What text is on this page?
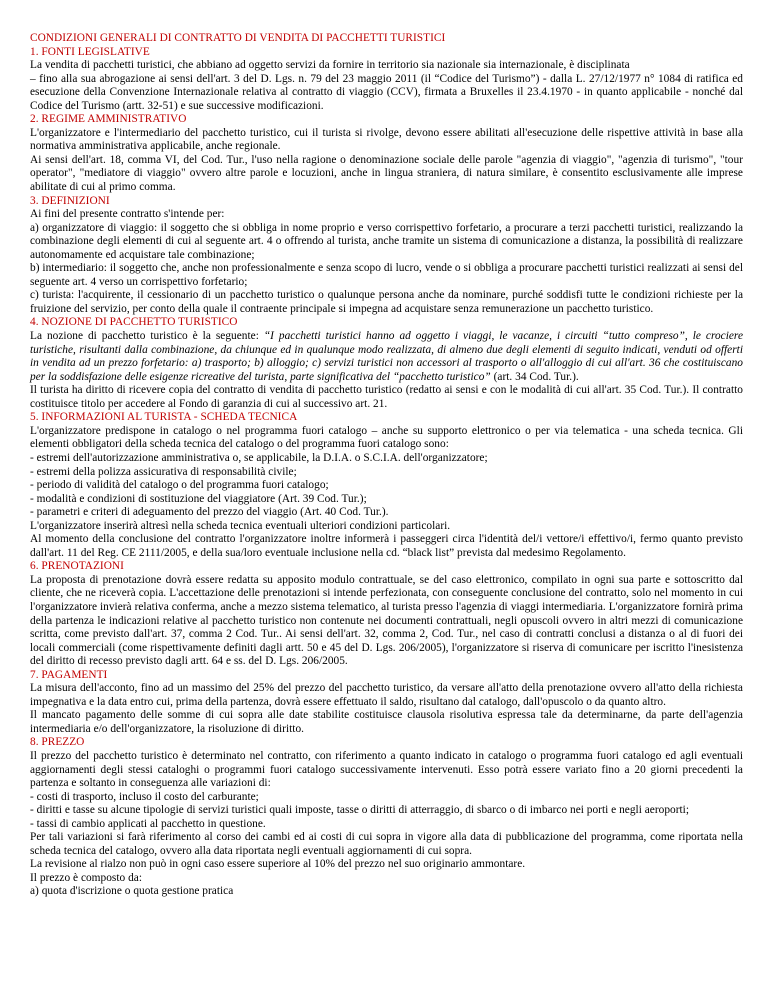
CONDIZIONI GENERALI DI CONTRATTO DI VENDITA DI PACCHETTI TURISTICI
1. FONTI LEGISLATIVE

La vendita di pacchetti turistici, che abbiano ad oggetto servizi da fornire in territorio sia nazionale sia internazionale, è disciplinata

– fino alla sua abrogazione ai sensi dell'art. 3 del D. Lgs. n. 79 del 23 maggio 2011 (il “Codice del Turismo”) - dalla L. 27/12/1977 n° 1084 di ratifica ed esecuzione della Convenzione Internazionale relativa al contratto di viaggio (CCV), firmata a Bruxelles il 23.4.1970 - in quanto applicabile - nonché dal Codice del Turismo (artt. 32-51) e sue successive modificazioni.

2. REGIME AMMINISTRATIVO

L'organizzatore e l'intermediario del pacchetto turistico, cui il turista si rivolge, devono essere abilitati all'esecuzione delle rispettive attività in base alla normativa amministrativa applicabile, anche regionale.

Ai sensi dell'art. 18, comma VI, del Cod. Tur., l'uso nella ragione o denominazione sociale delle parole "agenzia di viaggio", "agenzia di turismo", "tour operator", "mediatore di viaggio" ovvero altre parole e locuzioni, anche in lingua straniera, di natura similare, è consentito esclusivamente alle imprese abilitate di cui al primo comma.

3. DEFINIZIONI

Ai fini del presente contratto s'intende per:

a) organizzatore di viaggio: il soggetto che si obbliga in nome proprio e verso corrispettivo forfetario, a procurare a terzi pacchetti turistici, realizzando la combinazione degli elementi di cui al seguente art. 4 o offrendo al turista, anche tramite un sistema di comunicazione a distanza, la possibilità di realizzare autonomamente ed acquistare tale combinazione;

b) intermediario: il soggetto che, anche non professionalmente e senza scopo di lucro, vende o si obbliga a procurare pacchetti turistici realizzati ai sensi del seguente art. 4 verso un corrispettivo forfetario;

c) turista: l'acquirente, il cessionario di un pacchetto turistico o qualunque persona anche da nominare, purché soddisfi tutte le condizioni richieste per la fruizione del servizio, per conto della quale il contraente principale si impegna ad acquistare senza remunerazione un pacchetto turistico.

4. NOZIONE DI PACCHETTO TURISTICO

La nozione di pacchetto turistico è la seguente: “I pacchetti turistici hanno ad oggetto i viaggi, le vacanze, i circuiti “tutto compreso”, le crociere turistiche, risultanti dalla combinazione, da chiunque ed in qualunque modo realizzata, di almeno due degli elementi di seguito indicati, venduti od offerti in vendita ad un prezzo forfetario: a) trasporto; b) alloggio; c) servizi turistici non accessori al trasporto o all'alloggio di cui all'art. 36 che costituiscano per la soddisfazione delle esigenze ricreative del turista, parte significativa del “pacchetto turistico” (art. 34 Cod. Tur.).

Il turista ha diritto di ricevere copia del contratto di vendita di pacchetto turistico (redatto ai sensi e con le modalità di cui all'art. 35 Cod. Tur.). Il contratto costituisce titolo per accedere al Fondo di garanzia di cui al successivo art. 21.

5. INFORMAZIONI AL TURISTA - SCHEDA TECNICA

L'organizzatore predispone in catalogo o nel programma fuori catalogo – anche su supporto elettronico o per via telematica - una scheda tecnica. Gli elementi obbligatori della scheda tecnica del catalogo o del programma fuori catalogo sono:

- estremi dell'autorizzazione amministrativa o, se applicabile, la D.I.A. o S.C.I.A. dell'organizzatore;

- estremi della polizza assicurativa di responsabilità civile;

- periodo di validità del catalogo o del programma fuori catalogo;

- modalità e condizioni di sostituzione del viaggiatore (Art. 39 Cod. Tur.);

- parametri e criteri di adeguamento del prezzo del viaggio (Art. 40 Cod. Tur.).

L'organizzatore inserirà altresì nella scheda tecnica eventuali ulteriori condizioni particolari.

Al momento della conclusione del contratto l'organizzatore inoltre informerà i passeggeri circa l'identità del/i vettore/i effettivo/i, fermo quanto previsto dall'art. 11 del Reg. CE 2111/2005, e della sua/loro eventuale inclusione nella cd. “black list” prevista dal medesimo Regolamento.

6. PRENOTAZIONI

La proposta di prenotazione dovrà essere redatta su apposito modulo contrattuale, se del caso elettronico, compilato in ogni sua parte e sottoscritto dal cliente, che ne riceverà copia. L'accettazione delle prenotazioni si intende perfezionata, con conseguente conclusione del contratto, solo nel momento in cui l'organizzatore invierà relativa conferma, anche a mezzo sistema telematico, al turista presso l'agenzia di viaggi intermediaria. L'organizzatore fornirà prima della partenza le indicazioni relative al pacchetto turistico non contenute nei documenti contrattuali, negli opuscoli ovvero in altri mezzi di comunicazione scritta, come previsto dall'art. 37, comma 2 Cod. Tur.. Ai sensi dell'art. 32, comma 2, Cod. Tur., nel caso di contratti conclusi a distanza o al di fuori dei locali commerciali (come rispettivamente definiti dagli artt. 50 e 45 del D. Lgs. 206/2005), l'organizzatore si riserva di comunicare per iscritto l'inesistenza del diritto di recesso previsto dagli artt. 64 e ss. del D. Lgs. 206/2005.

7. PAGAMENTI

La misura dell'acconto, fino ad un massimo del 25% del prezzo del pacchetto turistico, da versare all'atto della prenotazione ovvero all'atto della richiesta impegnativa e la data entro cui, prima della partenza, dovrà essere effettuato il saldo, risultano dal catalogo, dall'opuscolo o da quanto altro.

Il mancato pagamento delle somme di cui sopra alle date stabilite costituisce clausola risolutiva espressa tale da determinarne, da parte dell'agenzia intermediaria e/o dell'organizzatore, la risoluzione di diritto.

8. PREZZO

Il prezzo del pacchetto turistico è determinato nel contratto, con riferimento a quanto indicato in catalogo o programma fuori catalogo ed agli eventuali aggiornamenti degli stessi cataloghi o programmi fuori catalogo successivamente intervenuti. Esso potrà essere variato fino a 20 giorni precedenti la partenza e soltanto in conseguenza alle variazioni di:

- costi di trasporto, incluso il costo del carburante;

- diritti e tasse su alcune tipologie di servizi turistici quali imposte, tasse o diritti di atterraggio, di sbarco o di imbarco nei porti e negli aeroporti;

- tassi di cambio applicati al pacchetto in questione.

Per tali variazioni si farà riferimento al corso dei cambi ed ai costi di cui sopra in vigore alla data di pubblicazione del programma, come riportata nella scheda tecnica del catalogo, ovvero alla data riportata negli eventuali aggiornamenti di cui sopra.

La revisione al rialzo non può in ogni caso essere superiore al 10% del prezzo nel suo originario ammontare.

Il prezzo è composto da:

a) quota d'iscrizione o quota gestione pratica
